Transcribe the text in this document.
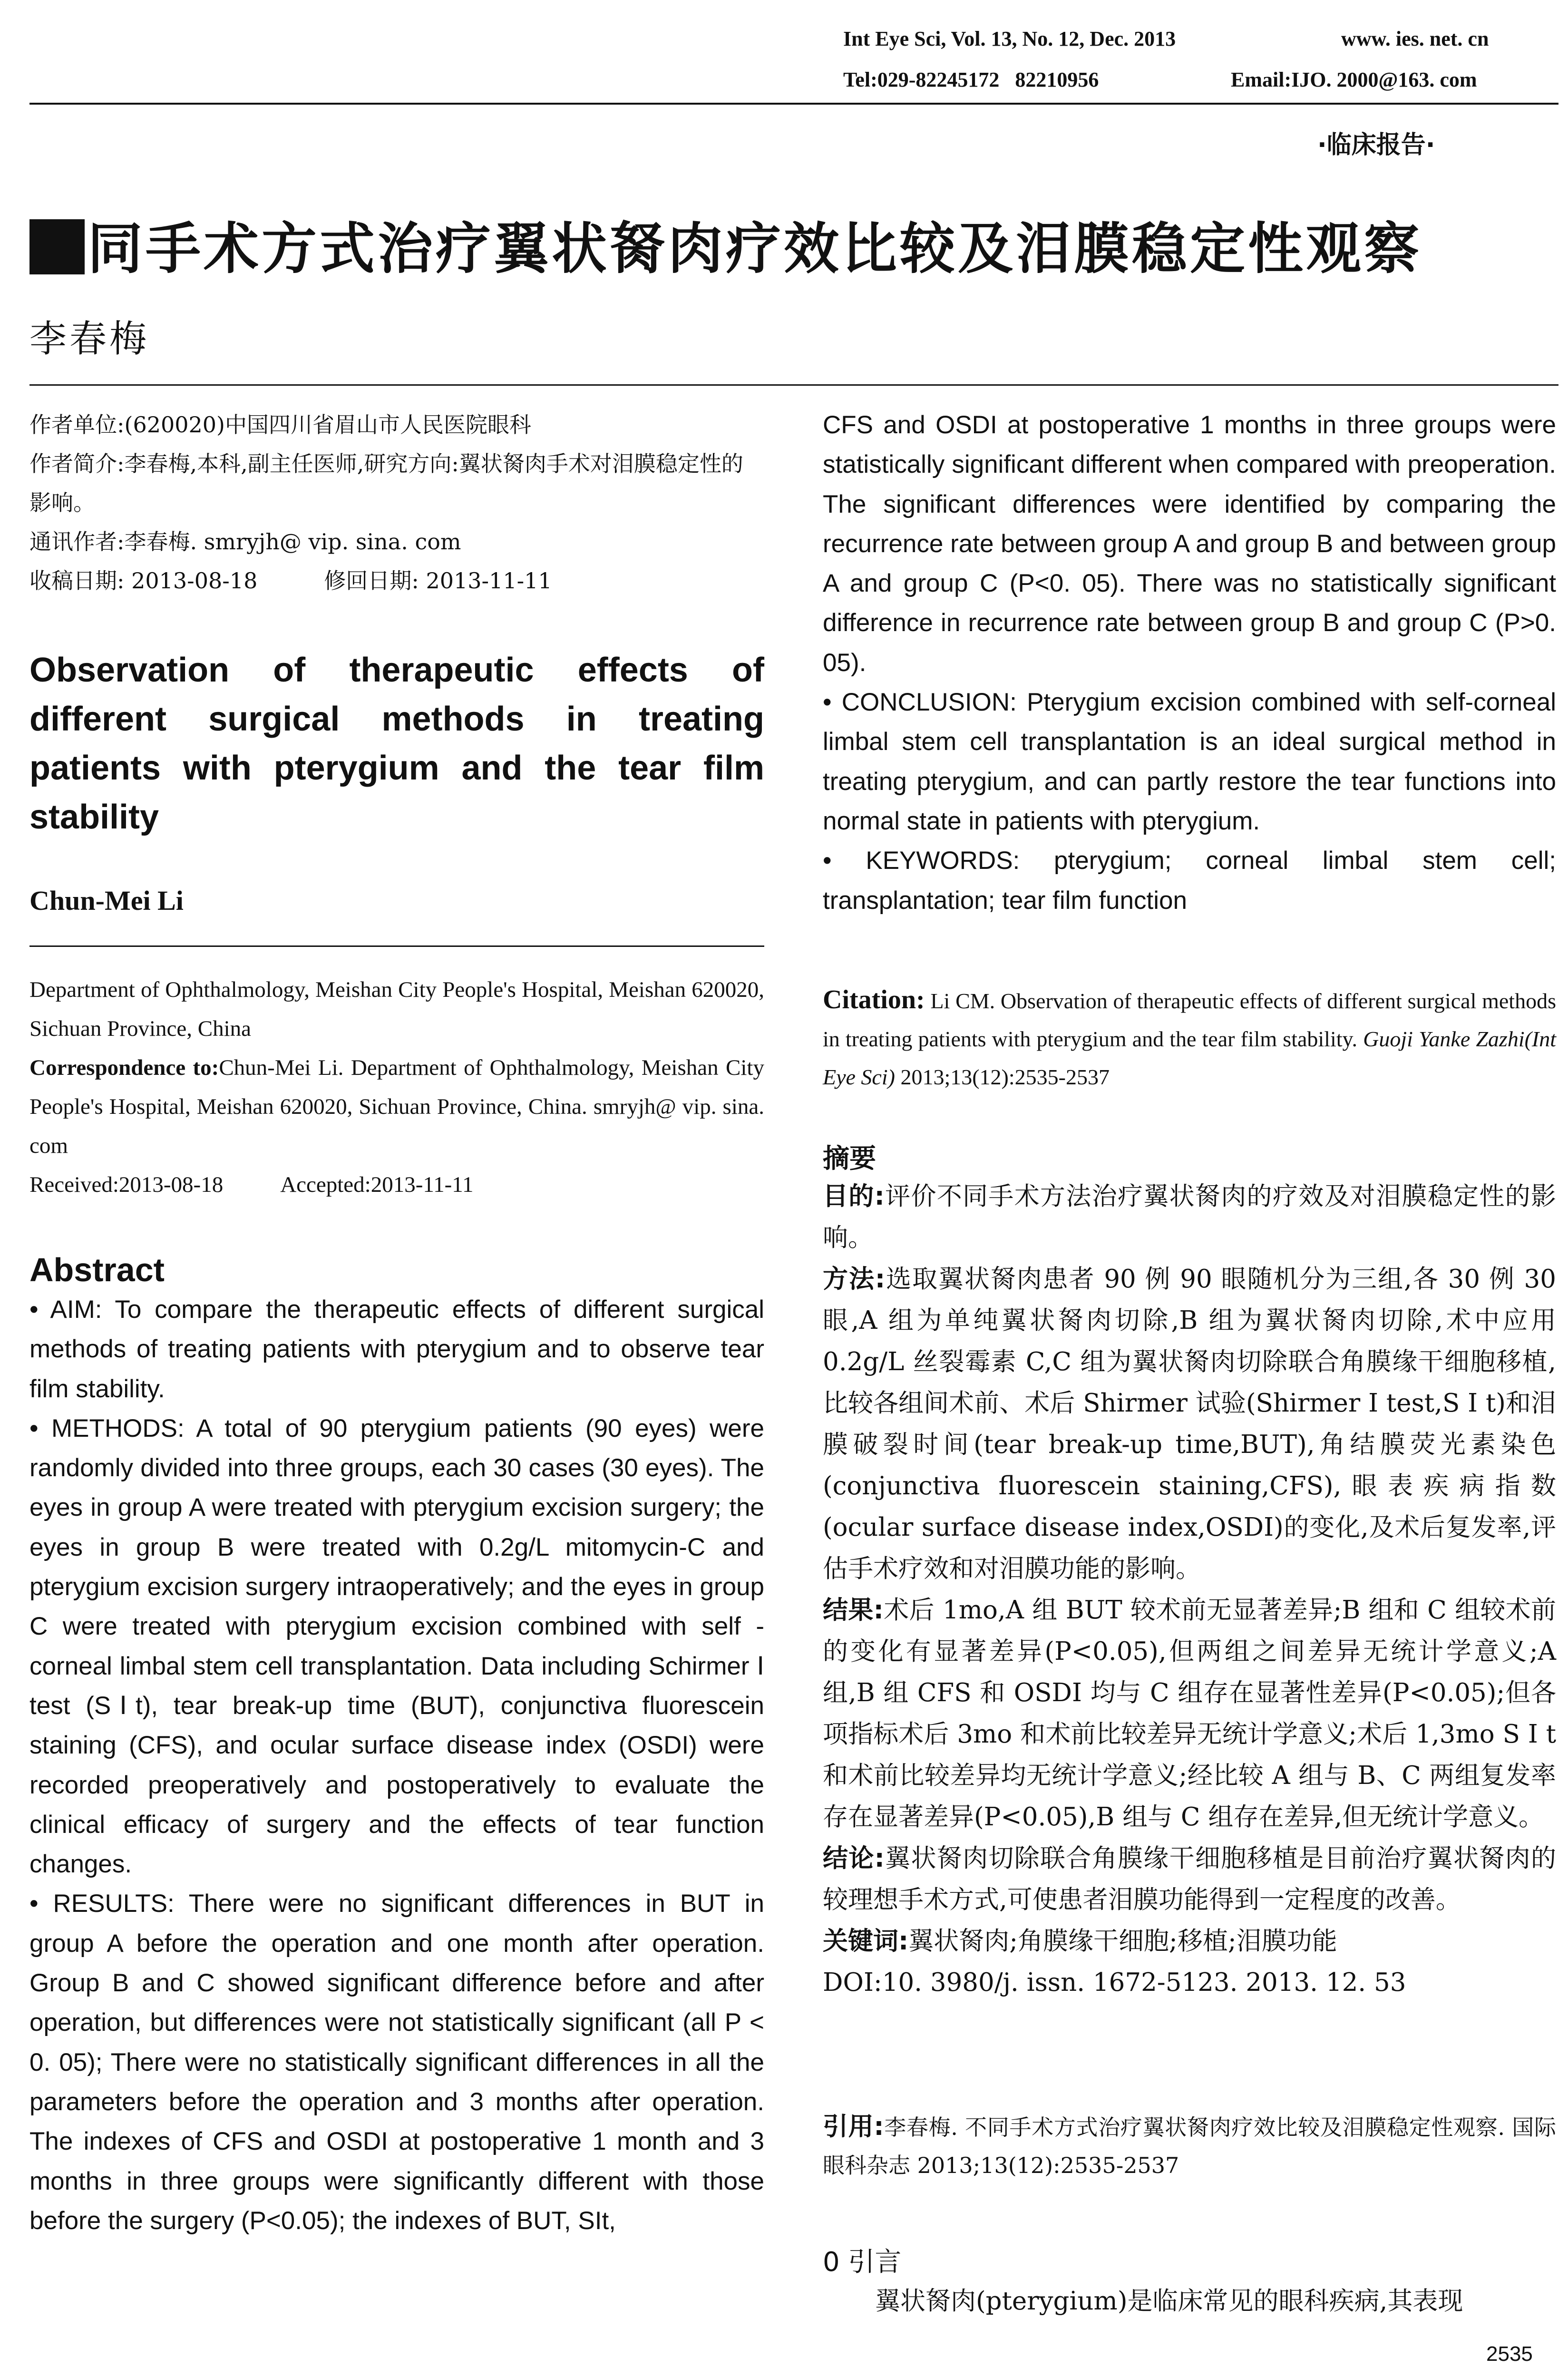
Int Eye Sci, Vol. 13, No. 12, Dec. 2013	www. ies. net. cn
Tel:029-82245172   82210956	Email:IJO. 2000@163. com
·临床报告·
不同手术方式治疗翼状胬肉疗效比较及泪膜稳定性观察
李春梅

作者单位:(620020)中国四川省眉山市人民医院眼科

作者简介:李春梅,本科,副主任医师,研究方向:翼状胬肉手术对泪膜稳定性的影响。

通讯作者:李春梅. smryjh@ vip. sina. com

收稿日期: 2013-08-18	修回日期: 2013-11-11

Observation of therapeutic effects of different surgical methods in treating patients with pterygium and the tear film stability
Chun-Mei Li

Department of Ophthalmology, Meishan City People's Hospital, Meishan 620020, Sichuan Province, China

Correspondence to:Chun-Mei Li. Department of Ophthalmology, Meishan City People's Hospital, Meishan 620020, Sichuan Province, China. smryjh@ vip. sina. com

Received:2013-08-18	Accepted:2013-11-11

Abstract

• AIM: To compare the therapeutic effects of different surgical methods of treating patients with pterygium and to observe tear film stability.

• METHODS: A total of 90 pterygium patients (90 eyes) were randomly divided into three groups, each 30 cases (30 eyes). The eyes in group A were treated with pterygium excision surgery; the eyes in group B were treated with 0.2g/L mitomycin-C and pterygium excision surgery intraoperatively; and the eyes in group C were treated with pterygium excision combined with self - corneal limbal stem cell transplantation. Data including Schirmer Ⅰ test (SⅠt), tear break-up time (BUT), conjunctiva fluorescein staining (CFS), and ocular surface disease index (OSDI) were recorded preoperatively and postoperatively to evaluate the clinical efficacy of surgery and the effects of tear function changes.

• RESULTS: There were no significant differences in BUT in group A before the operation and one month after operation. Group B and C showed significant difference before and after operation, but differences were not statistically significant (all P < 0. 05); There were no statistically significant differences in all the parameters before the operation and 3 months after operation. The indexes of CFS and OSDI at postoperative 1 month and 3 months in three groups were significantly different with those before the surgery (P<0.05); the indexes of BUT, SIt,

CFS and OSDI at postoperative 1 months in three groups were statistically significant different when compared with preoperation. The significant differences were identified by comparing the recurrence rate between group A and group B and between group A and group C (P<0. 05). There was no statistically significant difference in recurrence rate between group B and group C (P>0. 05).

• CONCLUSION: Pterygium excision combined with self-corneal limbal stem cell transplantation is an ideal surgical method in treating pterygium, and can partly restore the tear functions into normal state in patients with pterygium.

• KEYWORDS: pterygium; corneal limbal stem cell; transplantation; tear film function

Citation: Li CM. Observation of therapeutic effects of different surgical methods in treating patients with pterygium and the tear film stability. Guoji Yanke Zazhi(Int Eye Sci) 2013;13(12):2535-2537
摘要

目的:评价不同手术方法治疗翼状胬肉的疗效及对泪膜稳定性的影响。

方法:选取翼状胬肉患者 90 例 90 眼随机分为三组,各 30 例 30 眼,A 组为单纯翼状胬肉切除,B 组为翼状胬肉切除,术中应用 0.2g/L 丝裂霉素 C,C 组为翼状胬肉切除联合角膜缘干细胞移植,比较各组间术前、术后 Shirmer 试验(Shirmer I test,S I t)和泪膜破裂时间(tear break-up time,BUT),角结膜荧光素染色(conjunctiva fluorescein staining,CFS),眼表疾病指数(ocular surface disease index,OSDI)的变化,及术后复发率,评估手术疗效和对泪膜功能的影响。

结果:术后 1mo,A 组 BUT 较术前无显著差异;B 组和 C 组较术前的变化有显著差异(P<0.05),但两组之间差异无统计学意义;A 组,B 组 CFS 和 OSDI 均与 C 组存在显著性差异(P<0.05);但各项指标术后 3mo 和术前比较差异无统计学意义;术后 1,3mo S I t 和术前比较差异均无统计学意义;经比较 A 组与 B、C 两组复发率存在显著差异(P<0.05),B 组与 C 组存在差异,但无统计学意义。

结论:翼状胬肉切除联合角膜缘干细胞移植是目前治疗翼状胬肉的较理想手术方式,可使患者泪膜功能得到一定程度的改善。

关键词:翼状胬肉;角膜缘干细胞;移植;泪膜功能

DOI:10. 3980/j. issn. 1672-5123. 2013. 12. 53

引用:李春梅. 不同手术方式治疗翼状胬肉疗效比较及泪膜稳定性观察. 国际眼科杂志 2013;13(12):2535-2537
0 引言
翼状胬肉(pterygium)是临床常见的眼科疾病,其表现
2535
